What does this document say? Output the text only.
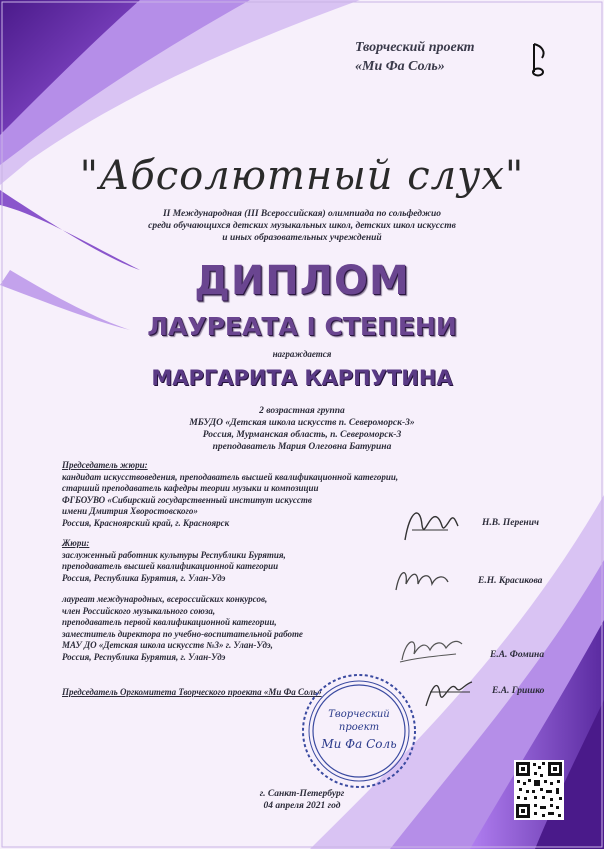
Творческий проект
«Ми Фа Соль»
"Абсолютный слух"
II Международная (III Всероссийская) олимпиада по сольфеджио
среди обучающихся детских музыкальных школ, детских школ искусств
и иных образовательных учреждений
ДИПЛОМ
ЛАУРЕАТА I СТЕПЕНИ
награждается
МАРГАРИТА КАРПУТИНА
2 возрастная группа
МБУДО «Детская школа искусств п. Североморск-3»
Россия, Мурманская область, п. Североморск-3
преподаватель Мария Олеговна Батурина
Председатель жюри:
кандидат искусствоведения, преподаватель высшей квалификационной категории,
старший преподаватель кафедры теории музыки и композиции
ФГБОУВО «Сибирский государственный институт искусств
имени Дмитрия Хворостовского»
Россия, Красноярский край, г. Красноярск	Н.В. Перенич
Жюри:
заслуженный работник культуры Республики Бурятия,
преподаватель высшей квалификационной категории
Россия, Республика Бурятия, г. Улан-Удэ	Е.Н. Красикова
лауреат международных, всероссийских конкурсов,
член Российского музыкального союза,
преподаватель первой квалификационной категории,
заместитель директора по учебно-воспитательной работе
МАУ ДО «Детская школа искусств №3» г. Улан-Удэ,
Россия, Республика Бурятия, г. Улан-Удэ	Е.А. Фомина
Председатель Оргкомитета Творческого проекта «Ми Фа Соль»	Е.А. Гришко
Творческий
проект
Ми Фа Соль
г. Санкт-Петербург
04 апреля 2021 год
